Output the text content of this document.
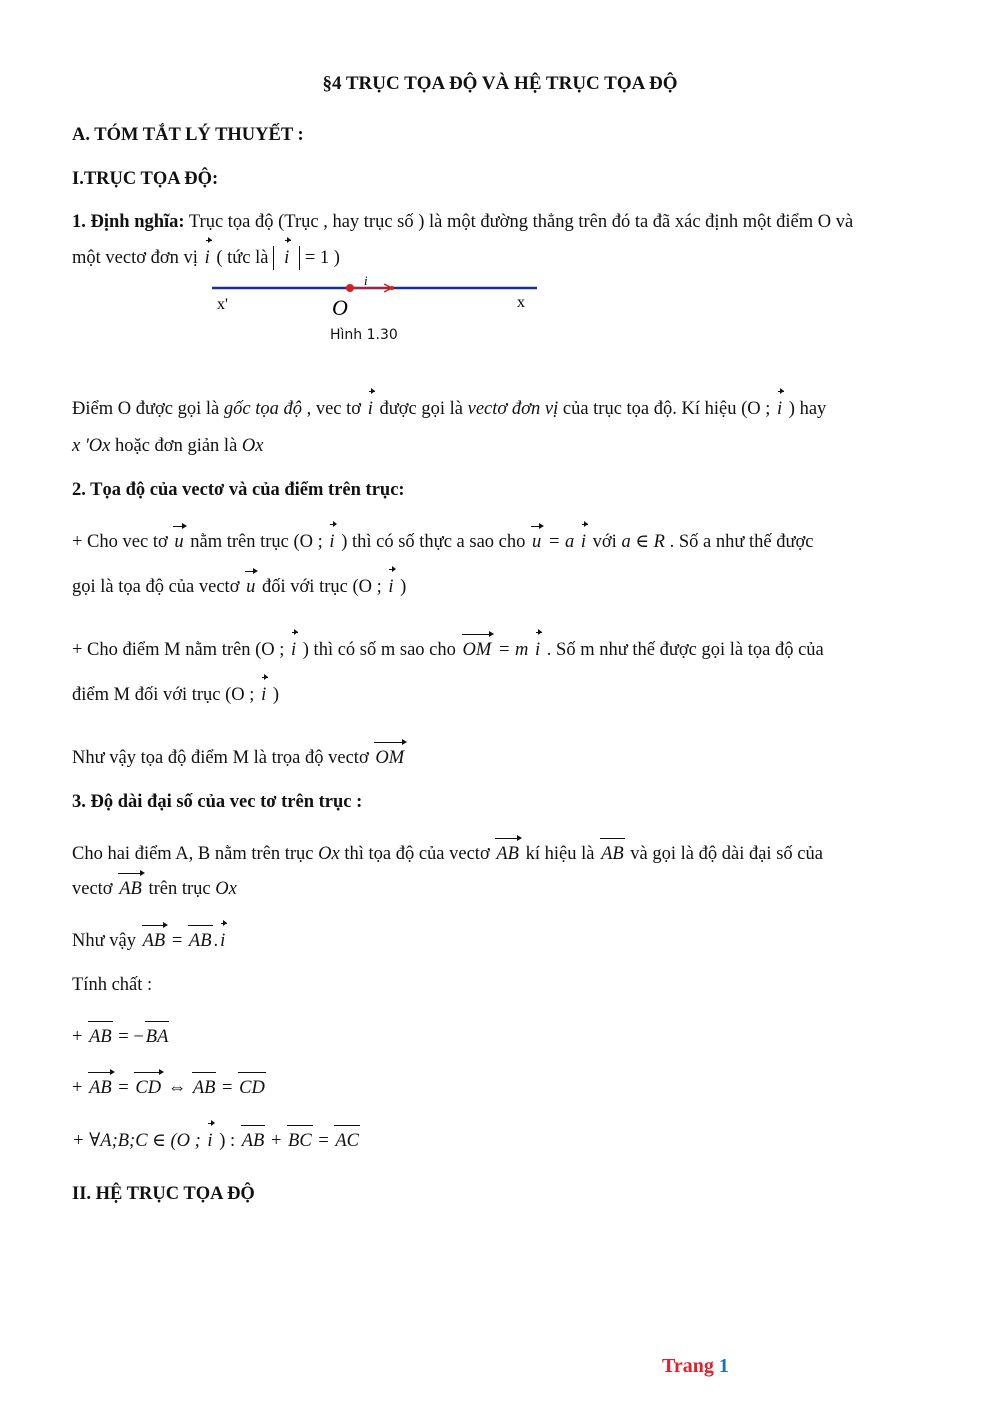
§4 TRỤC TỌA ĐỘ VÀ HỆ TRỤC TỌA ĐỘ
A. TÓM TẮT LÝ THUYẾT :
I.TRỤC TỌA ĐỘ:
1. Định nghĩa: Trục tọa độ (Trục , hay trục số ) là một đường thẳng trên đó ta đã xác định một điểm O và
một vectơ đơn vị i ( tức là i = 1 )
x'	O	x
i
Hình 1.30
Điểm O được gọi là gốc tọa độ , vec tơ i được gọi là vectơ đơn vị của trục tọa độ. Kí hiệu (O ; i ) hay
x 'Ox hoặc đơn giản là Ox
2. Tọa độ của vectơ và của điểm trên trục:
+ Cho vec tơ u nằm trên trục (O ; i ) thì có số thực a sao cho u = a i với a ∈ R . Số a như thế được
gọi là tọa độ của vectơ u đối với trục (O ; i )
+ Cho điểm M nằm trên (O ; i ) thì có số m sao cho OM = m i . Số m như thế được gọi là tọa độ của
điểm M đối với trục (O ; i )
Như vậy tọa độ điểm M là trọa độ vectơ OM
3. Độ dài đại số của vec tơ trên trục :
Cho hai điểm A, B nằm trên trục Ox thì tọa độ của vectơ AB kí hiệu là AB và gọi là độ dài đại số của
vectơ AB trên trục Ox
Như vậy AB = AB . i
Tính chất :
+ AB = − BA
+ AB = CD ⇔ AB = CD
+ ∀A;B;C ∈ (O ; i ) : AB + BC = AC
II. HỆ TRỤC TỌA ĐỘ
Trang 1
